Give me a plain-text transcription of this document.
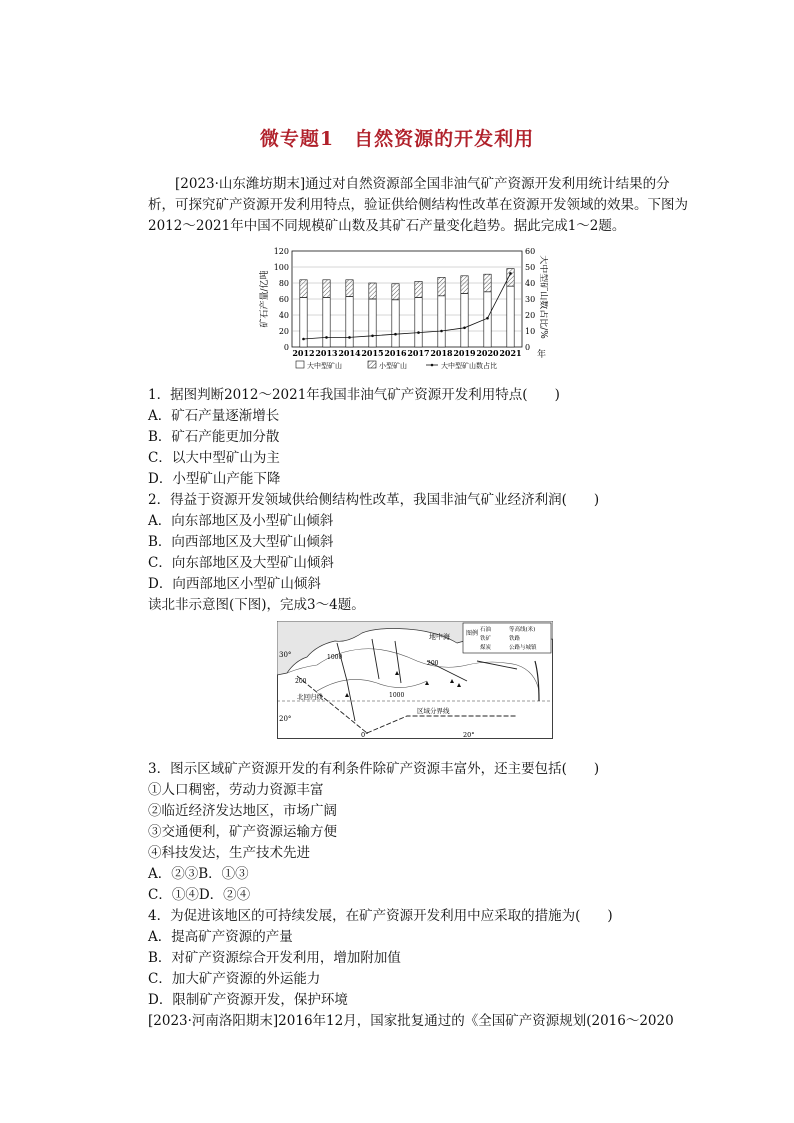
微专题1　自然资源的开发利用
[2023·山东潍坊期末]通过对自然资源部全国非油气矿产资源开发利用统计结果的分析，可探究矿产资源开发利用特点，验证供给侧结构性改革在资源开发领域的效果。下图为2012～2021年中国不同规模矿山数及其矿石产量变化趋势。据此完成1～2题。
0
20
40
60
80
100
120
0
10
20
30
40
50
60
2012 2013 2014 2015 2016 2017 2018 2019 2020 2021
矿石产量/亿吨	大中型矿山数占比/%
年
大中型矿山	小型矿山	大中型矿山数占比
1．据图判断2012～2021年我国非油气矿产资源开发利用特点(　　)
A．矿石产量逐渐增长
B．矿石产能更加分散
C．以大中型矿山为主
D．小型矿山产能下降
2．得益于资源开发领域供给侧结构性改革，我国非油气矿业经济利润(　　)
A．向东部地区及小型矿山倾斜
B．向西部地区及大型矿山倾斜
C．向东部地区及大型矿山倾斜
D．向西部地区小型矿山倾斜
读北非示意图(下图)，完成3～4题。
30°
20°
0°	20°
地中海
北回归线
区域分界线
1000
1000
200
200
图例 石油	等高线(米)
铁矿	铁路
煤炭	公路与城镇
3．图示区域矿产资源开发的有利条件除矿产资源丰富外，还主要包括(　　)
①人口稠密，劳动力资源丰富
②临近经济发达地区，市场广阔
③交通便利，矿产资源运输方便
④科技发达，生产技术先进
A．②③B．①③
C．①④D．②④
4．为促进该地区的可持续发展，在矿产资源开发利用中应采取的措施为(　　)
A．提高矿产资源的产量
B．对矿产资源综合开发利用，增加附加值
C．加大矿产资源的外运能力
D．限制矿产资源开发，保护环境
[2023·河南洛阳期末]2016年12月，国家批复通过的《全国矿产资源规划(2016～2020
